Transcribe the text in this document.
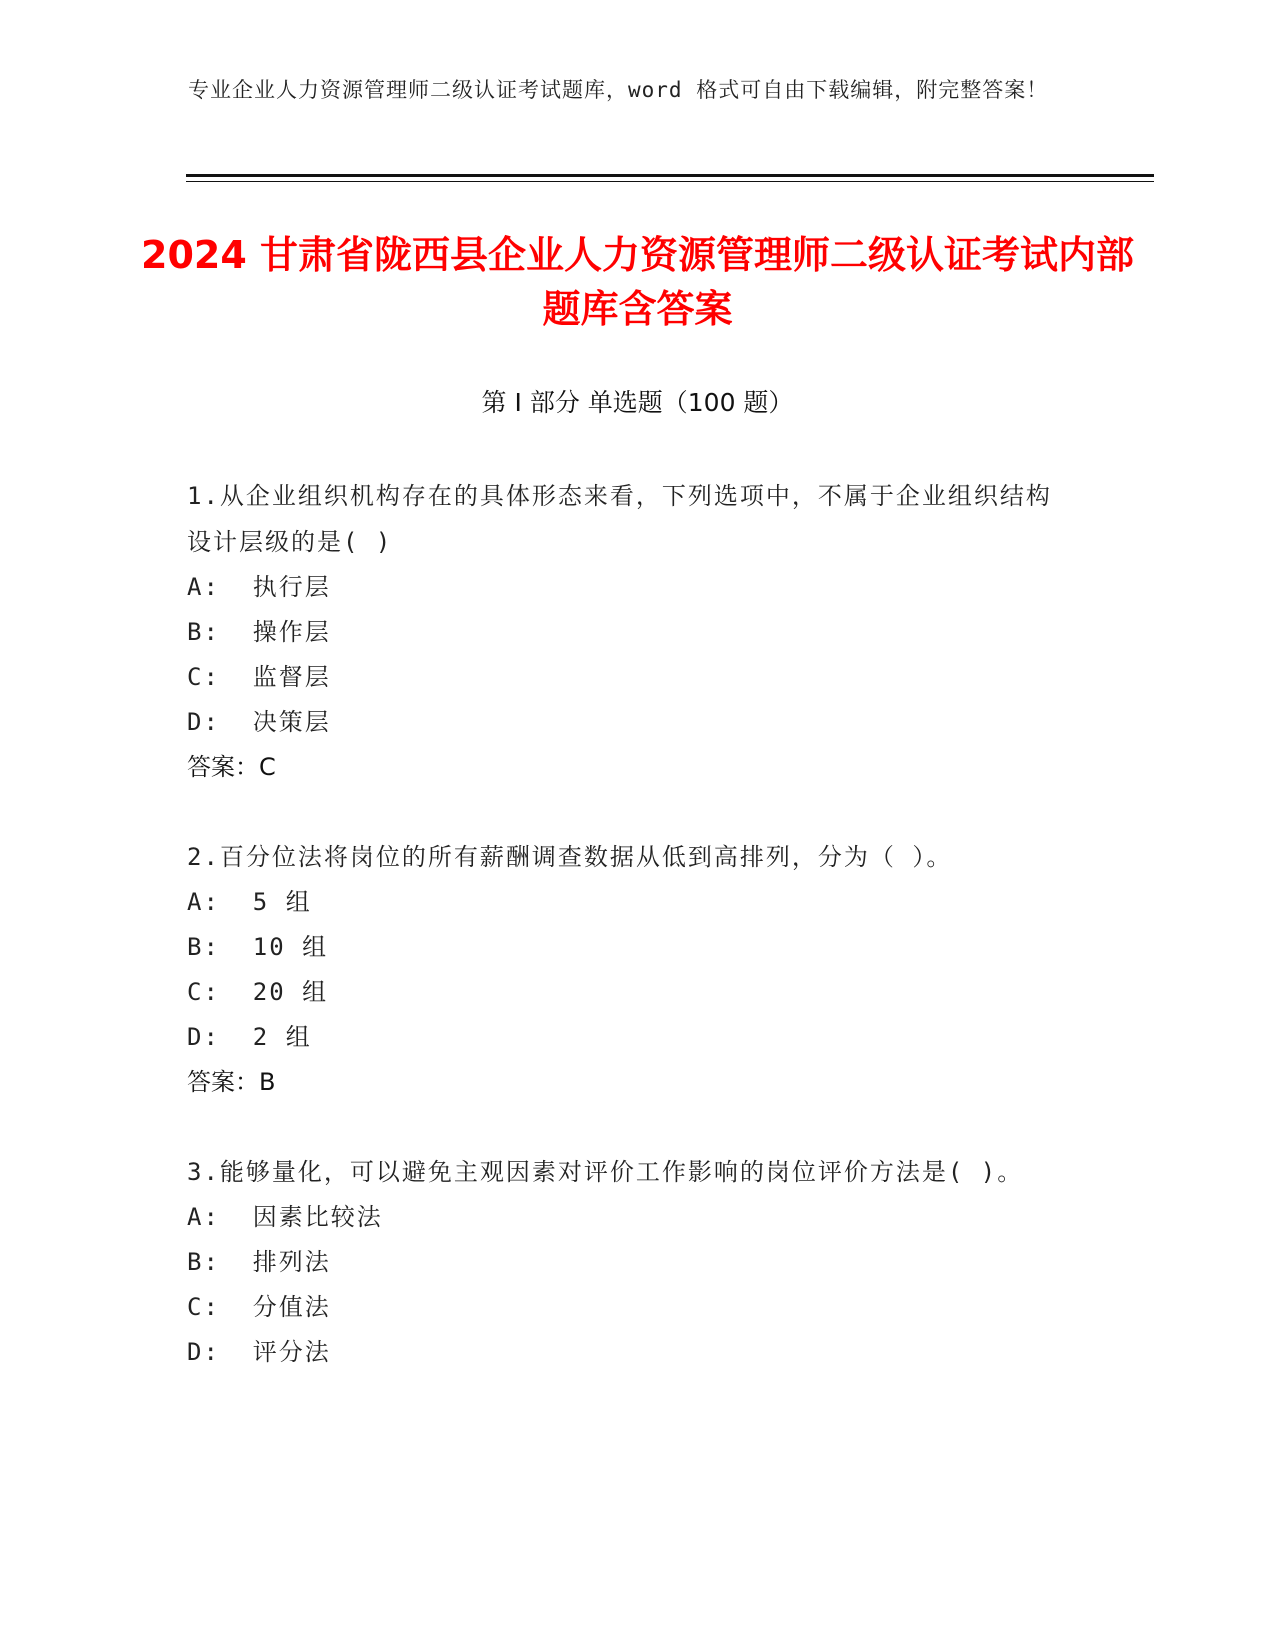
专业企业人力资源管理师二级认证考试题库，word 格式可自由下载编辑，附完整答案！
2024 甘肃省陇西县企业人力资源管理师二级认证考试内部题库含答案
第 I 部分 单选题（100 题）
1.从企业组织机构存在的具体形态来看，下列选项中，不属于企业组织结构设计层级的是( )
A:  执行层
B:  操作层
C:  监督层
D:  决策层
答案：C
2.百分位法将岗位的所有薪酬调查数据从低到高排列，分为（ ）。
A:  5 组
B:  10 组
C:  20 组
D:  2 组
答案：B
3.能够量化，可以避免主观因素对评价工作影响的岗位评价方法是( )。
A:  因素比较法
B:  排列法
C:  分值法
D:  评分法
